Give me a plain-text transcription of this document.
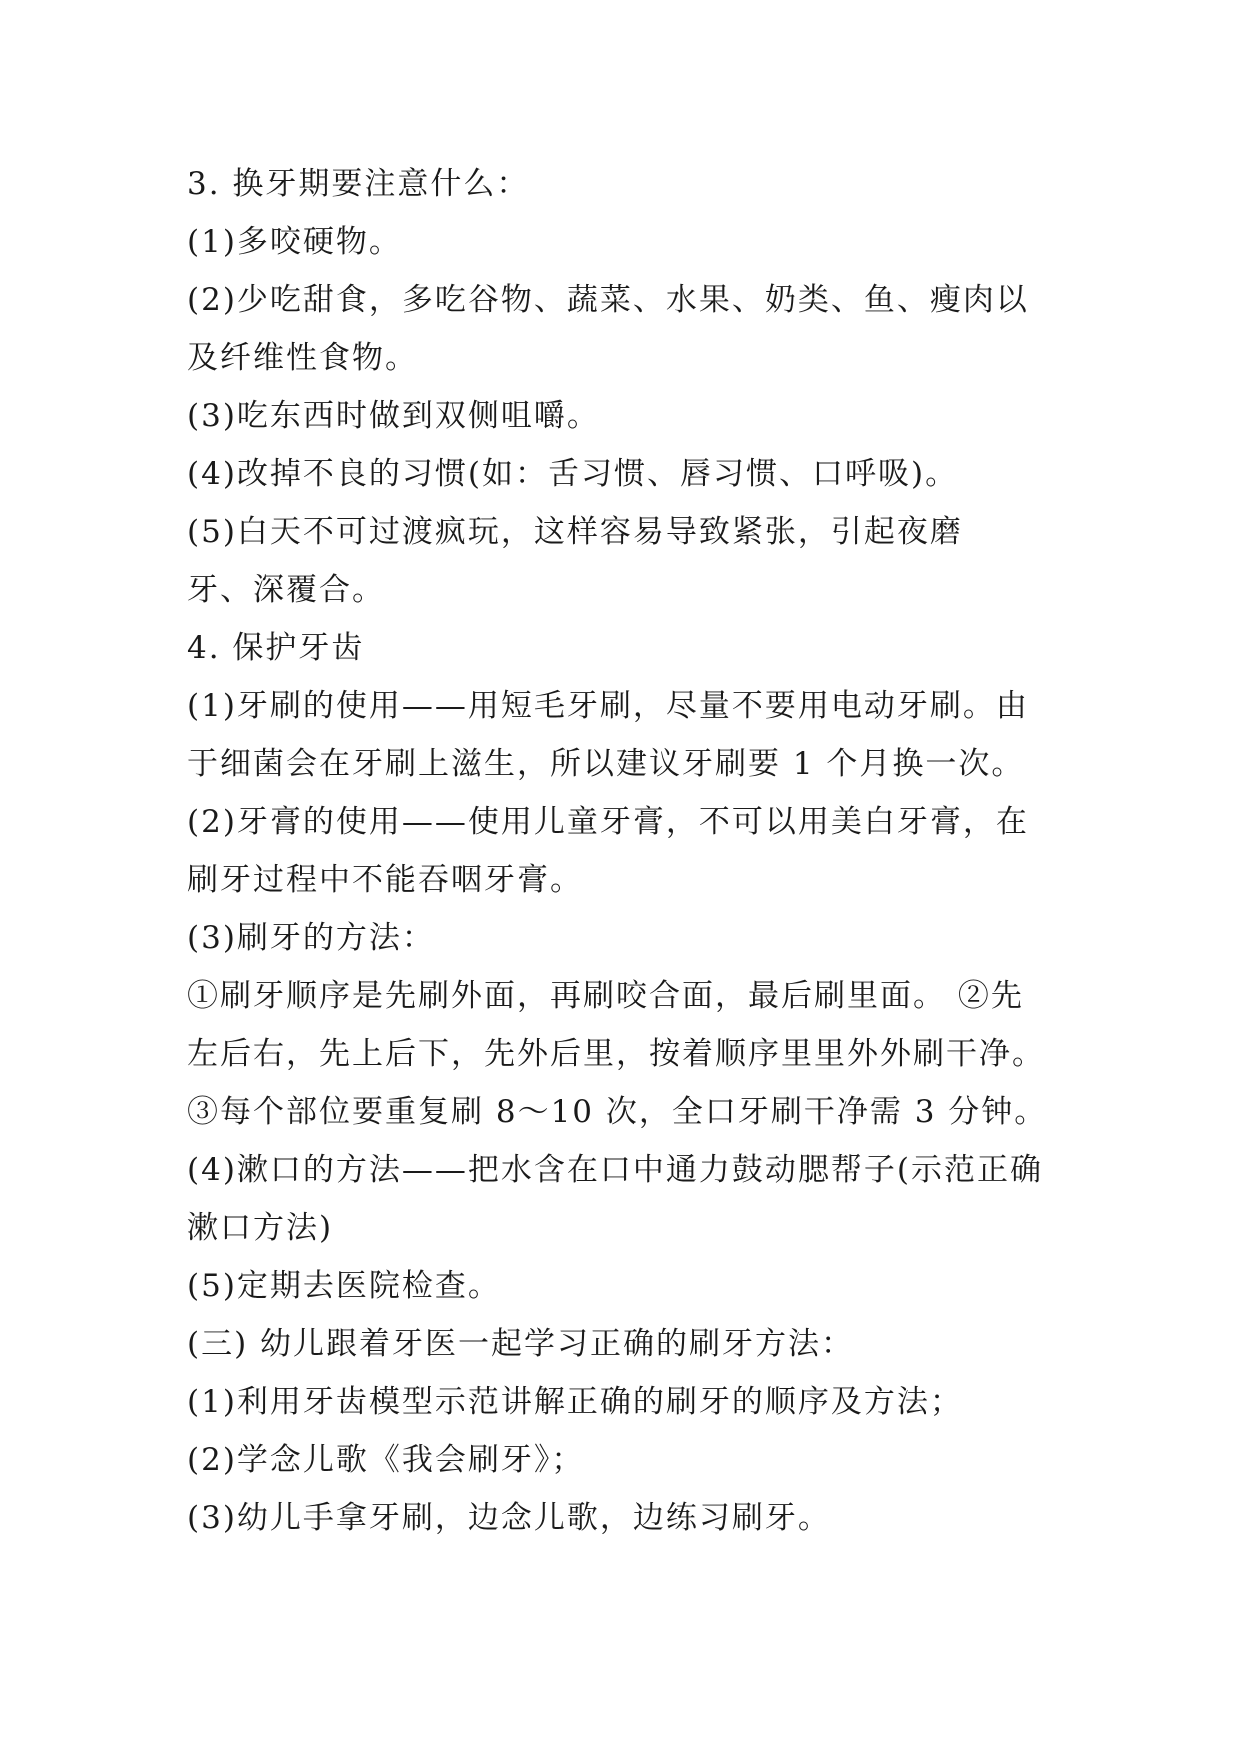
3. 换牙期要注意什么：
(1)多咬硬物。
(2)少吃甜食，多吃谷物、蔬菜、水果、奶类、鱼、瘦肉以
及纤维性食物。
(3)吃东西时做到双侧咀嚼。
(4)改掉不良的习惯(如：舌习惯、唇习惯、口呼吸)。
(5)白天不可过渡疯玩，这样容易导致紧张，引起夜磨
牙、深覆合。
4. 保护牙齿
(1)牙刷的使用——用短毛牙刷，尽量不要用电动牙刷。由
于细菌会在牙刷上滋生，所以建议牙刷要 1 个月换一次。
(2)牙膏的使用——使用儿童牙膏，不可以用美白牙膏，在
刷牙过程中不能吞咽牙膏。
(3)刷牙的方法：
①刷牙顺序是先刷外面，再刷咬合面，最后刷里面。 ②先
左后右，先上后下，先外后里，按着顺序里里外外刷干净。
③每个部位要重复刷 8～10 次，全口牙刷干净需 3 分钟。
(4)漱口的方法——把水含在口中通力鼓动腮帮子(示范正确
漱口方法)
(5)定期去医院检查。
(三) 幼儿跟着牙医一起学习正确的刷牙方法：
(1)利用牙齿模型示范讲解正确的刷牙的顺序及方法；
(2)学念儿歌《我会刷牙》；
(3)幼儿手拿牙刷，边念儿歌，边练习刷牙。
